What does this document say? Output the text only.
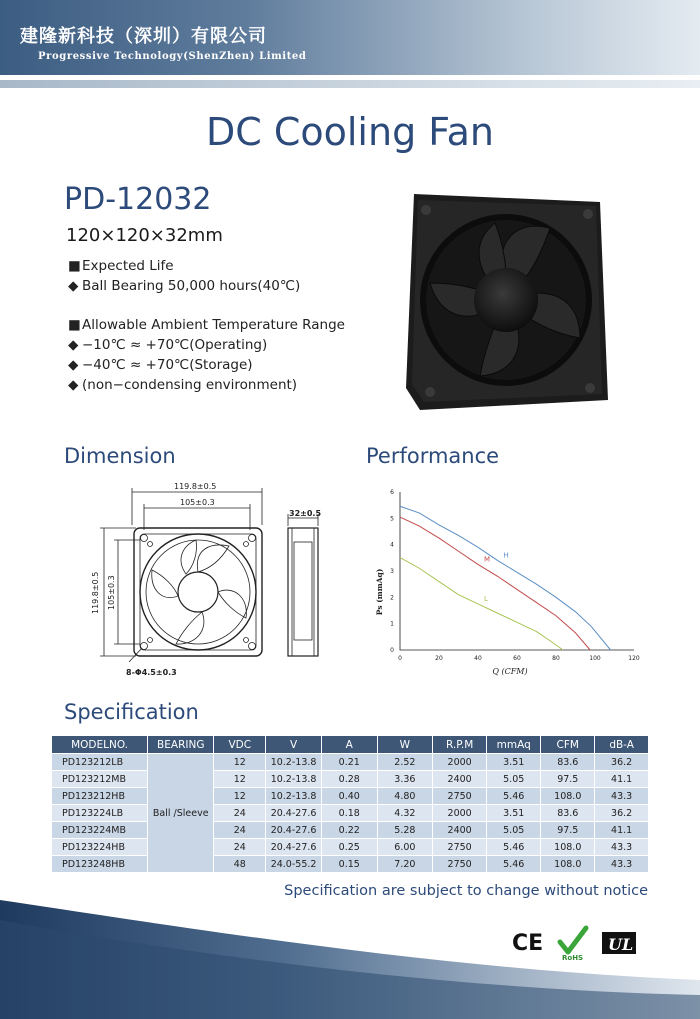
建隆新科技（深圳）有限公司
Progressive Technology(ShenZhen) Limited
DC Cooling Fan
PD-12032
120×120×32mm
■Expected Life
◆ Ball Bearing 50,000 hours(40℃)
■Allowable Ambient Temperature Range
◆ −10℃ ≈ +70℃(Operating)
◆ −40℃ ≈ +70℃(Storage)
◆ (non−condensing environment)
Dimension	Performance
119.8±0.5
105±0.3
32±0.5
8-Φ4.5±0.3
119.8±0.5 105±0.3
0	20	40	60	80	100	120
0
1
2
3
4
5
6
H
M
L
Q (CFM)
Ps (mmAq)
Specification
MODELNO.	BEARING	VDC	V	A	W	R.P.M	mmAq	CFM	dB-A
PD123212LB	Ball /Sleeve	12	10.2-13.8	0.21	2.52	2000	3.51	83.6	36.2
PD123212MB		12	10.2-13.8	0.28	3.36	2400	5.05	97.5	41.1
PD123212HB		12	10.2-13.8	0.40	4.80	2750	5.46	108.0	43.3
PD123224LB		24	20.4-27.6	0.18	4.32	2000	3.51	83.6	36.2
PD123224MB		24	20.4-27.6	0.22	5.28	2400	5.05	97.5	41.1
PD123224HB		24	20.4-27.6	0.25	6.00	2750	5.46	108.0	43.3
PD123248HB		48	24.0-55.2	0.15	7.20	2750	5.46	108.0	43.3
Specification are subject to change without notice
CE
RoHS
UL
